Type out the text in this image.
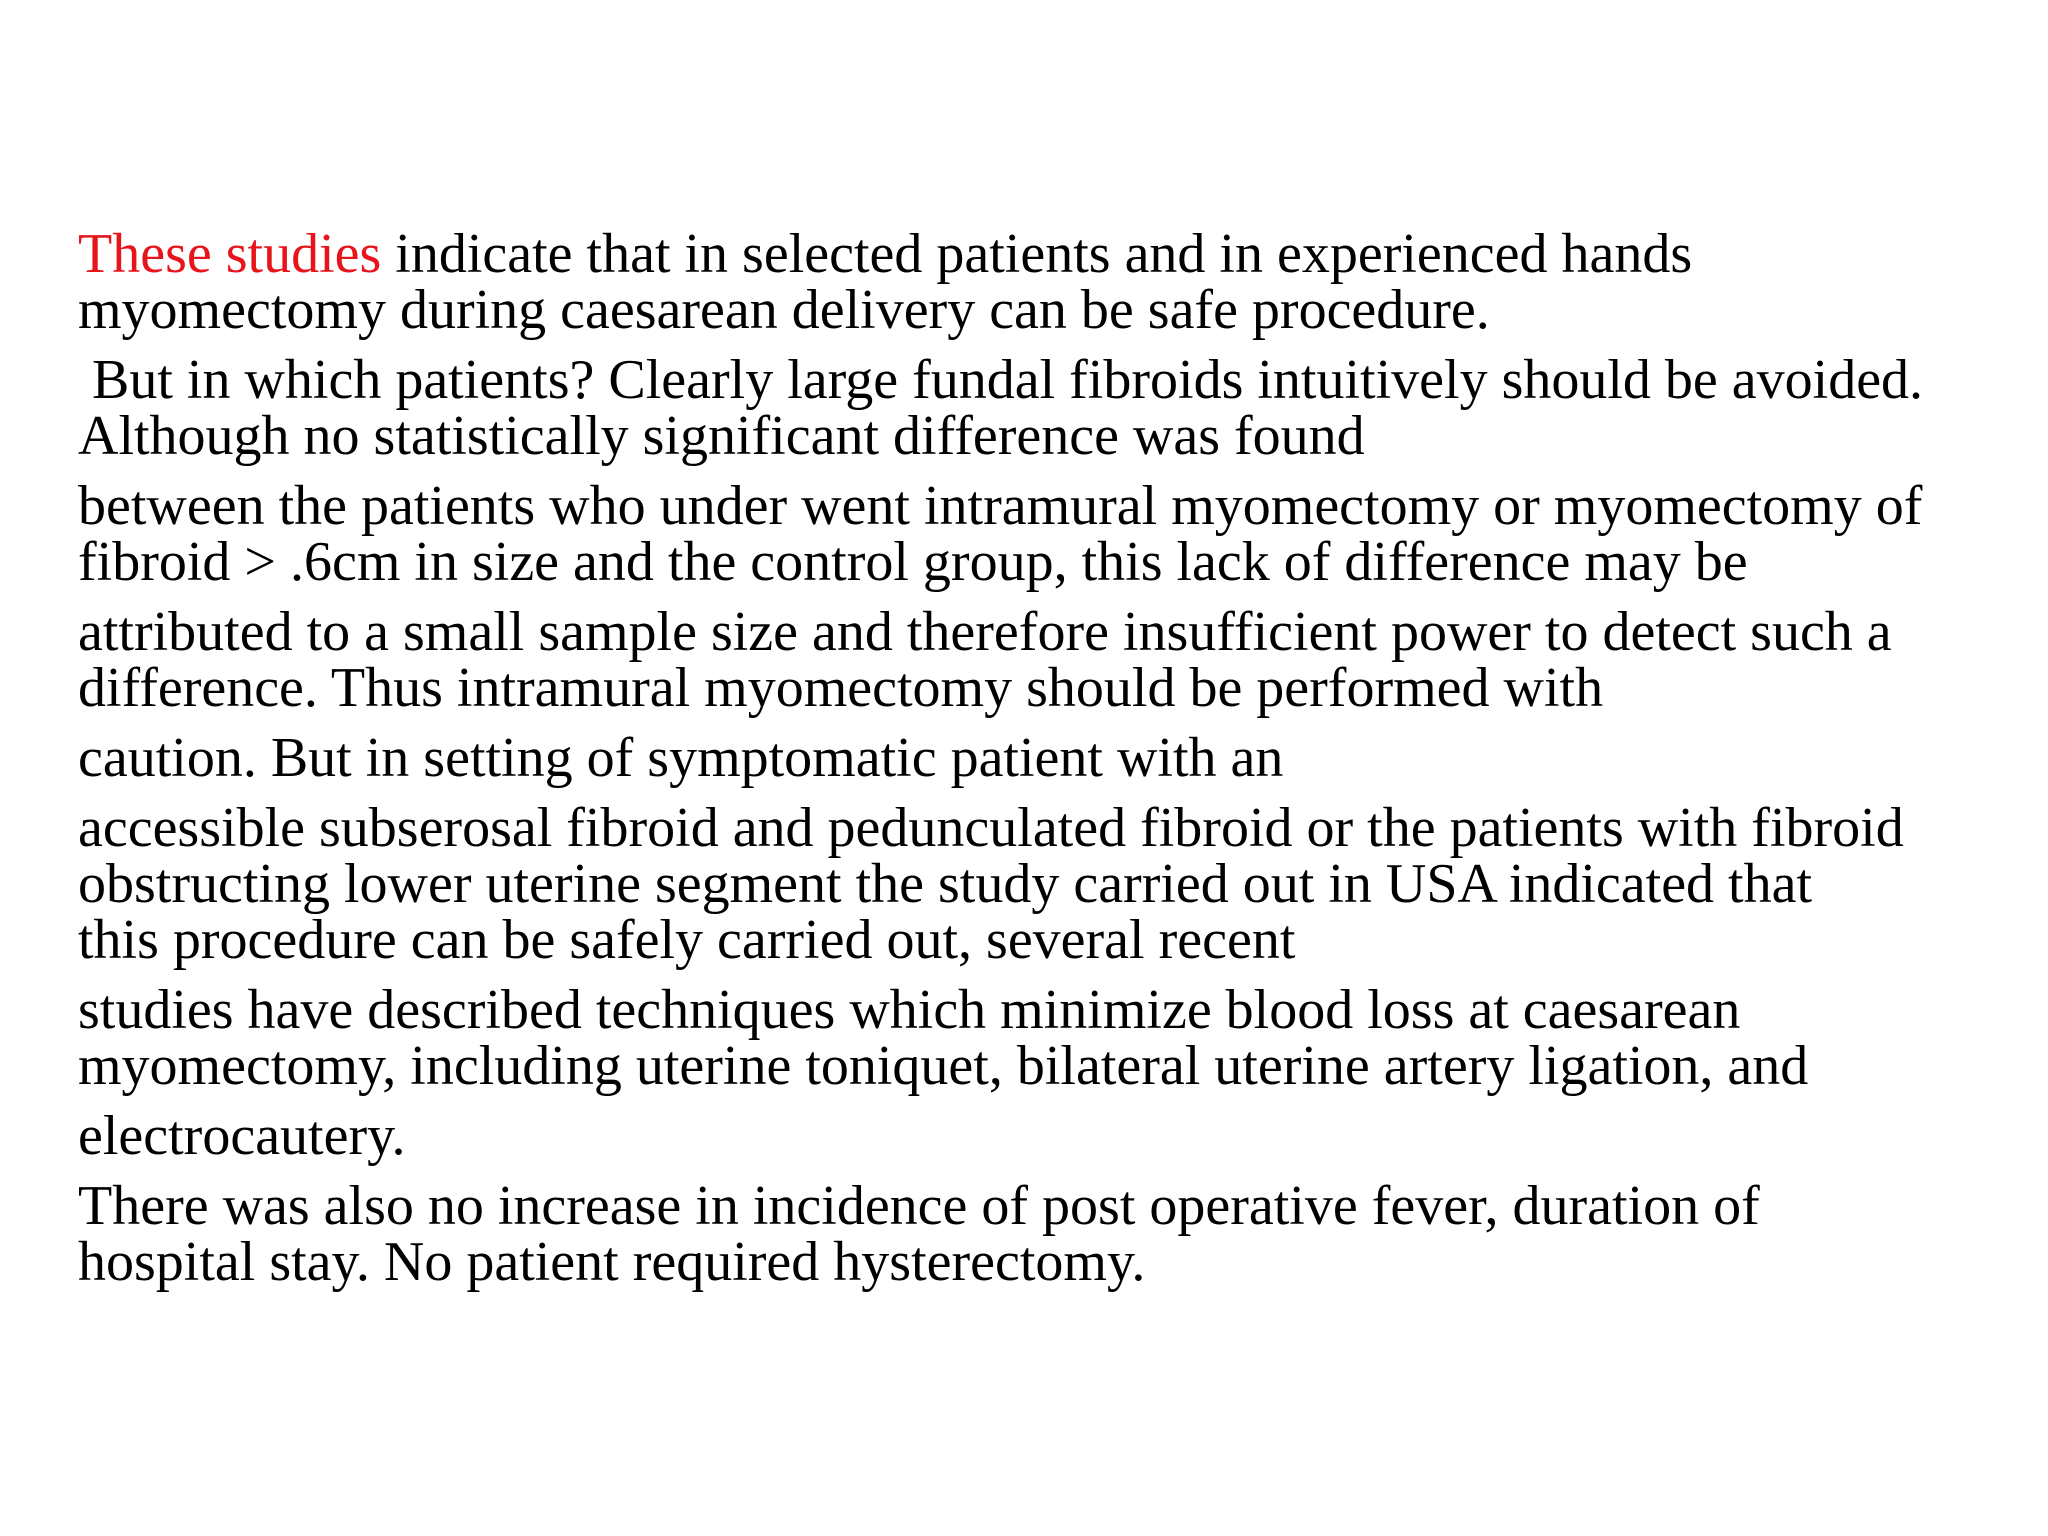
These studies indicate that in selected patients and in experienced hands
myomectomy during caesarean delivery can be safe procedure.

But in which patients? Clearly large fundal fibroids intuitively should be avoided.
Although no statistically significant difference was found

between the patients who under went intramural myomectomy or myomectomy of
fibroid > .6cm in size and the control group, this lack of difference may be

attributed to a small sample size and therefore insufficient power to detect such a
difference. Thus intramural myomectomy should be performed with

caution. But in setting of symptomatic patient with an

accessible subserosal fibroid and pedunculated fibroid or the patients with fibroid
obstructing lower uterine segment the study carried out in USA indicated that
this procedure can be safely carried out, several recent

studies have described techniques which minimize blood loss at caesarean
myomectomy, including uterine toniquet, bilateral uterine artery ligation, and

electrocautery.

There was also no increase in incidence of post operative fever, duration of
hospital stay. No patient required hysterectomy.
